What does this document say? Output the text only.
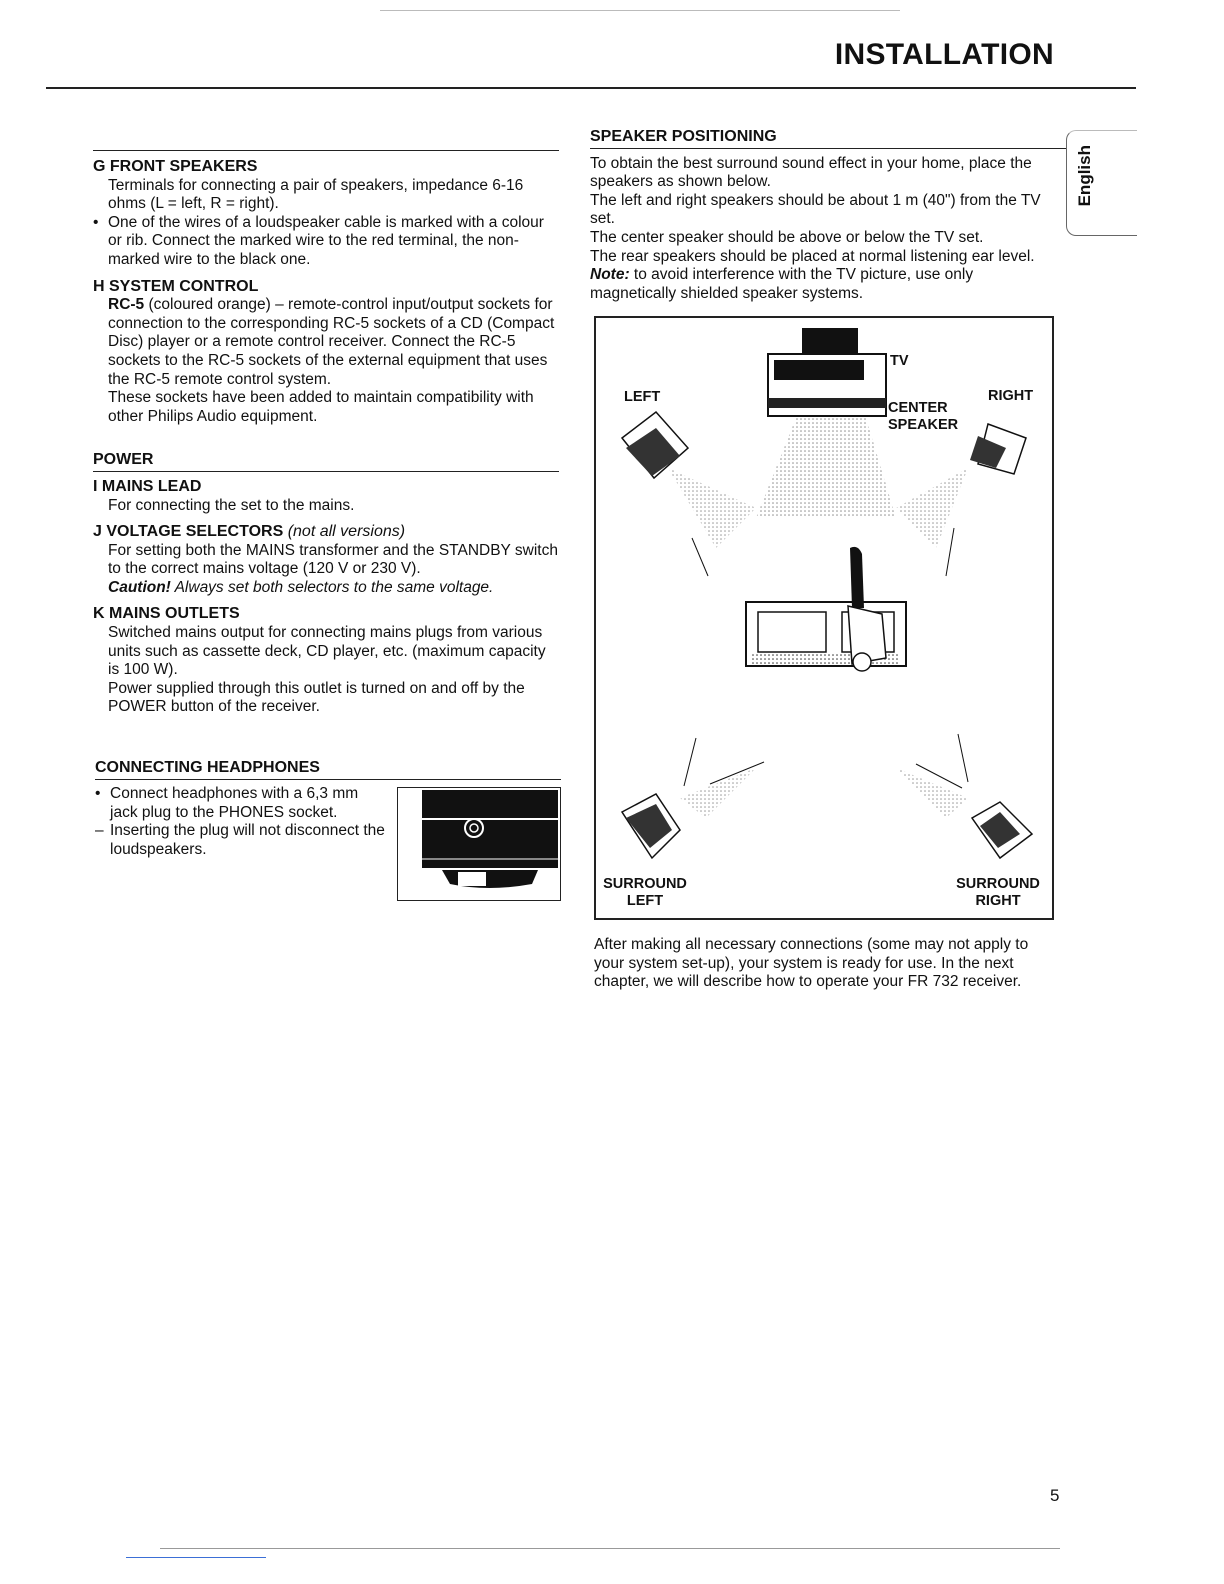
INSTALLATION
English

G FRONT SPEAKERS

Terminals for connecting a pair of speakers, impedance 6-16 ohms (L = left, R = right).

• One of the wires of a loudspeaker cable is marked with a colour or rib. Connect the marked wire to the red terminal, the non-marked wire to the black one.

H SYSTEM CONTROL

RC-5 (coloured orange) – remote-control input/output sockets for connection to the corresponding RC-5 sockets of a CD (Compact Disc) player or a remote control receiver. Connect the RC-5 sockets to the RC-5 sockets of the external equipment that uses the RC-5 remote control system.

These sockets have been added to maintain compatibility with other Philips Audio equipment.

POWER

I MAINS LEAD

For connecting the set to the mains.

J VOLTAGE SELECTORS (not all versions)

For setting both the MAINS transformer and the STANDBY switch to the correct mains voltage (120 V or 230 V).

Caution! Always set both selectors to the same voltage.

K MAINS OUTLETS

Switched mains output for connecting mains plugs from various units such as cassette deck, CD player, etc. (maximum capacity is 100 W).

Power supplied through this outlet is turned on and off by the POWER button of the receiver.

CONNECTING HEADPHONES
• Connect headphones with a 6,3 mm jack plug to the PHONES socket.
– Inserting the plug will not disconnect the loudspeakers.
SPEAKER POSITIONING

To obtain the best surround sound effect in your home, place the speakers as shown below.

The left and right speakers should be about 1 m (40") from the TV set.

The center speaker should be above or below the TV set.

The rear speakers should be placed at normal listening ear level.

Note: to avoid interference with the TV picture, use only magnetically shielded speaker systems.

TV
LEFT	RIGHT
CENTER
SPEAKER
SURROUND
LEFT
SURROUND
RIGHT

After making all necessary connections (some may not apply to your system set-up), your system is ready for use. In the next chapter, we will describe how to operate your FR 732 receiver.

5
